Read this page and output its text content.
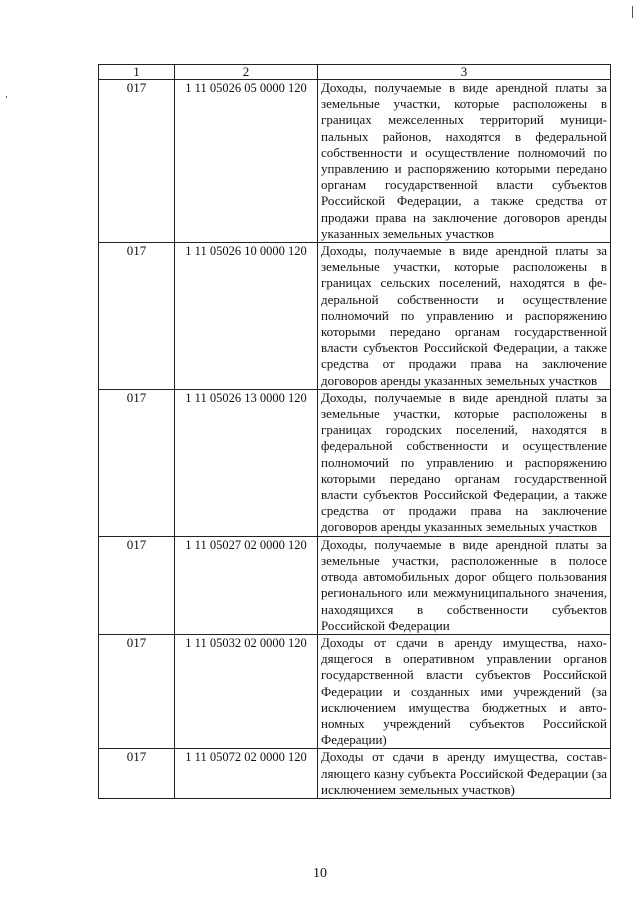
1	2	3
017	1 11 05026 05 0000 120	Доходы, получаемые в виде арендной платы за земельные участки, которые расположены в границах межселенных территорий муниципальных районов, находятся в федеральной собственности и осуществление полномочий по управлению и распоряжению которыми передано органам государственной власти субъектов Российской Федерации, а также средства от продажи права на заключение договоров аренды указанных земельных участков
017	1 11 05026 10 0000 120	Доходы, получаемые в виде арендной платы за земельные участки, которые расположены в границах сельских поселений, находятся в федеральной собственности и осуществление полномочий по управлению и распоряжению которыми передано органам государственной власти субъектов Российской Федерации, а также средства от продажи права на заключение договоров аренды указанных земельных участков
017	1 11 05026 13 0000 120	Доходы, получаемые в виде арендной платы за земельные участки, которые расположены в границах городских поселений, находятся в федеральной собственности и осуществление полномочий по управлению и распоряжению которыми передано органам государственной власти субъектов Российской Федерации, а также средства от продажи права на заключение договоров аренды указанных земельных участков
017	1 11 05027 02 0000 120	Доходы, получаемые в виде арендной платы за земельные участки, расположенные в полосе отвода автомобильных дорог общего пользования регионального или межмуниципального значения, находящихся в собственности субъектов Российской Федерации
017	1 11 05032 02 0000 120	Доходы от сдачи в аренду имущества, находящегося в оперативном управлении органов государственной власти субъектов Российской Федерации и созданных ими учреждений (за исключением имущества бюджетных и автономных учреждений субъектов Российской Федерации)
017	1 11 05072 02 0000 120	Доходы от сдачи в аренду имущества, составляющего казну субъекта Российской Федерации (за исключением земельных участков)
10
